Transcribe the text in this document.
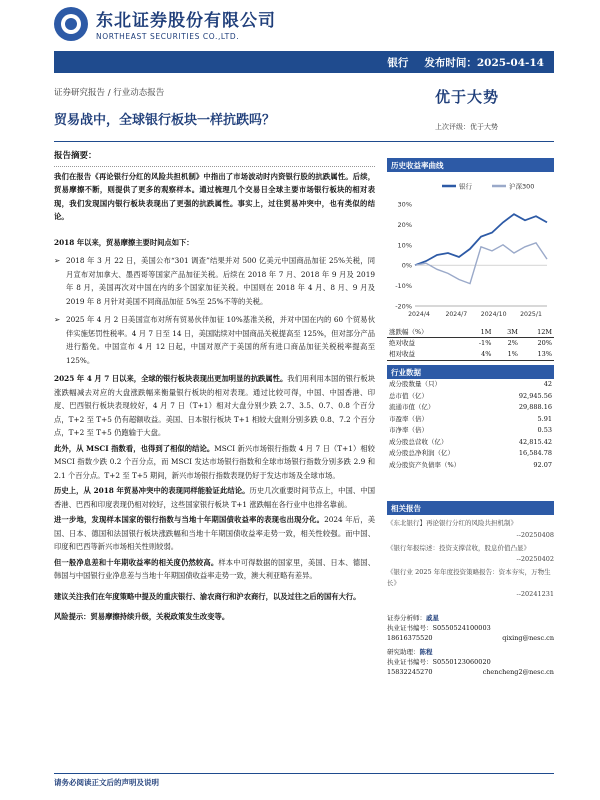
东北证券股份有限公司
NORTHEAST SECURITIES CO.,LTD.
银行	发布时间：2025-04-14
证券研究报告 / 行业动态报告
贸易战中，全球银行板块一样抗跌吗？
优于大势
上次评级：优于大势
报告摘要：

我们在报告《再论银行分红的风险共担机制》中指出了市场波动时内资银行股的抗跌属性。后续，贸易摩擦不断，则提供了更多的观察样本。通过梳理几个交易日全球主要市场银行板块的相对表现，我们发现国内银行板块表现出了更强的抗跌属性。事实上，过往贸易冲突中，也有类似的结论。

2018 年以来，贸易摩擦主要时间点如下：
➢ 2018 年 3 月 22 日，美国公布“301 调查”结果并对 500 亿美元中国商品加征 25%关税，同月宣布对加拿大、墨西哥等国家产品加征关税。后续在 2018 年 7 月、2018 年 9 月及 2019 年 8 月，美国再次对中国在内的多个国家加征关税。中国则在 2018 年 4 月、8 月、9 月及 2019 年 8 月针对美国不同商品加征 5%至 25%不等的关税。
➢ 2025 年 4 月 2 日美国宣布对所有贸易伙伴加征 10%基准关税，并对中国在内的 60 个贸易伙伴实施惩罚性税率。4 月 7 日至 14 日，美国陆续对中国商品关税提高至 125%，但对部分产品进行豁免。中国宣布 4 月 12 日起，中国对原产于美国的所有进口商品加征关税税率提高至 125%。

2025 年 4 月 7 日以来，全球的银行板块表现出更加明显的抗跌属性。我们用利用本国的银行板块涨跌幅减去对应的大盘涨跌幅来衡量银行板块的相对表现。通过比较可得，中国、中国香港、印度、巴西银行板块表现较好，4 月 7 日（T+1）相对大盘分别少跌 2.7、3.5、0.7、0.8 个百分点，T+2 至 T+5 仍有超额收益。美国、日本银行板块 T+1 相较大盘则分别多跌 0.8、7.2 个百分点，T+2 至 T+5 仍跑输于大盘。

此外，从 MSCI 指数看，也得到了相似的结论。MSCI 新兴市场银行指数 4 月 7 日（T+1）相较 MSCI 指数少跌 0.2 个百分点，而 MSCI 发达市场银行指数和全球市场银行指数分别多跌 2.9 和 2.1 个百分点。T+2 至 T+5 期间，新兴市场银行指数表现仍好于发达市场及全球市场。

历史上，从 2018 年贸易冲突中的表现同样能验证此结论。历史几次重要时间节点上，中国、中国香港、巴西和印度表现仍相对较好，这些国家银行板块 T+1 涨跌幅在各行业中也排名靠前。

进一步地，发现样本国家的银行指数与当地十年期国债收益率的表现也出现分化。2024 年后，美国、日本、德国和法国银行板块涨跌幅和当地十年期国债收益率走势一致，相关性较强。而中国、印度和巴西等新兴市场相关性则较弱。

但一般净息差和十年期收益率的相关度仍然较高。样本中可得数据的国家里，美国、日本、德国、韩国与中国银行业净息差与当地十年期国债收益率走势一致，澳大利亚略有差异。

建议关注我们在年度策略中提及的重庆银行、渝农商行和沪农商行，以及过往之后的国有大行。

风险提示：贸易摩擦持续升级，关税政策发生改变等。

历史收益率曲线
30%
20%
10%
0%
-10%
-20%
2024/4	2024/7 2024/10 2025/1
银行	沪深300
涨跌幅（%）	1M	3M	12M
绝对收益	-1%	2%	20%
相对收益	4%	1%	13%
行业数据
成分股数量（只）	42
总市值（亿）	92,945.56
流通市值（亿）	29,888.16
市盈率（倍）	5.91
市净率（倍）	0.53
成分股总营收（亿）	42,815.42
成分股总净利润（亿）	16,584.78
成分股资产负债率（%）	92.07
相关报告
《东北银行】再论银行分红的风险共担机制》
--20250408
《银行年报综述：投资支撑营收，股息价值凸显》
--20250402
《银行业 2025 年年度投资策略报告：资本夯实，万物生长》
--20241231
证券分析师：戚星
执业证书编号：S0550524100003
18616375520	qixing@nesc.cn
研究助理：陈程
执业证书编号：S0550123060020
15832245270	chencheng2@nesc.cn
请务必阅读正文后的声明及说明
